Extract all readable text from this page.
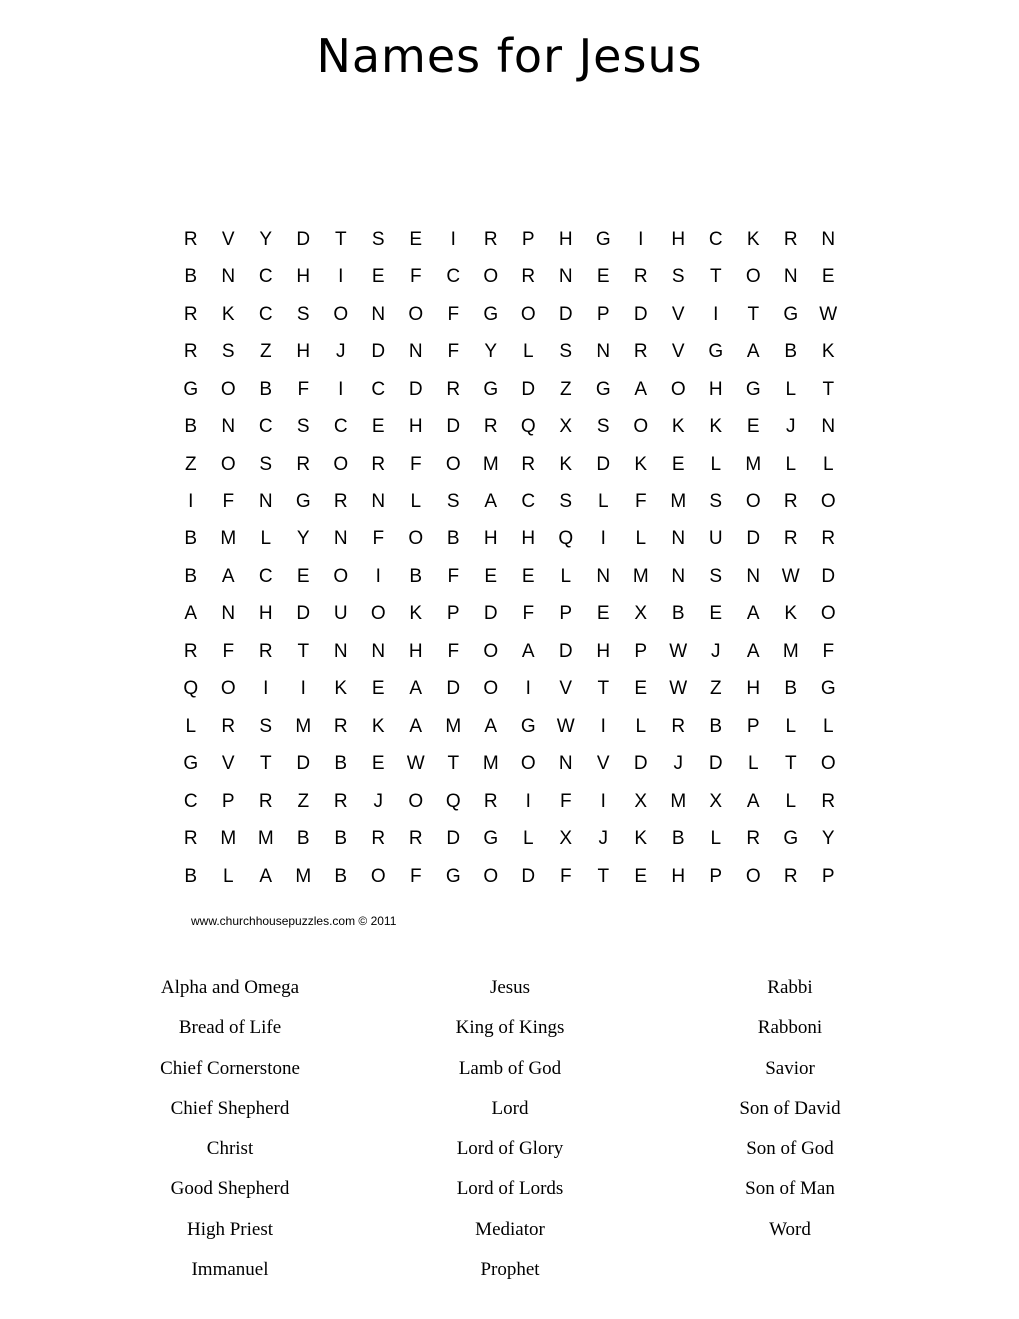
Names for Jesus
R	V	Y	D	T	S	E	I	R	P	H	G	I	H	C	K	R	N
B	N	C	H	I	E	F	C	O	R	N	E	R	S	T	O	N	E
R	K	C	S	O	N	O	F	G	O	D	P	D	V	I	T	G	W
R	S	Z	H	J	D	N	F	Y	L	S	N	R	V	G	A	B	K
G	O	B	F	I	C	D	R	G	D	Z	G	A	O	H	G	L	T
B	N	C	S	C	E	H	D	R	Q	X	S	O	K	K	E	J	N
Z	O	S	R	O	R	F	O	M	R	K	D	K	E	L	M	L	L
I	F	N	G	R	N	L	S	A	C	S	L	F	M	S	O	R	O
B	M	L	Y	N	F	O	B	H	H	Q	I	L	N	U	D	R	R
B	A	C	E	O	I	B	F	E	E	L	N	M	N	S	N	W	D
A	N	H	D	U	O	K	P	D	F	P	E	X	B	E	A	K	O
R	F	R	T	N	N	H	F	O	A	D	H	P	W	J	A	M	F
Q	O	I	I	K	E	A	D	O	I	V	T	E	W	Z	H	B	G
L	R	S	M	R	K	A	M	A	G	W	I	L	R	B	P	L	L
G	V	T	D	B	E	W	T	M	O	N	V	D	J	D	L	T	O
C	P	R	Z	R	J	O	Q	R	I	F	I	X	M	X	A	L	R
R	M	M	B	B	R	R	D	G	L	X	J	K	B	L	R	G	Y
B	L	A	M	B	O	F	G	O	D	F	T	E	H	P	O	R	P
www.churchhousepuzzles.com © 2011
Alpha and Omega
Bread of Life
Chief Cornerstone
Chief Shepherd
Christ
Good Shepherd
High Priest
Immanuel
Jesus
King of Kings
Lamb of God
Lord
Lord of Glory
Lord of Lords
Mediator
Prophet
Rabbi
Rabboni
Savior
Son of David
Son of God
Son of Man
Word
